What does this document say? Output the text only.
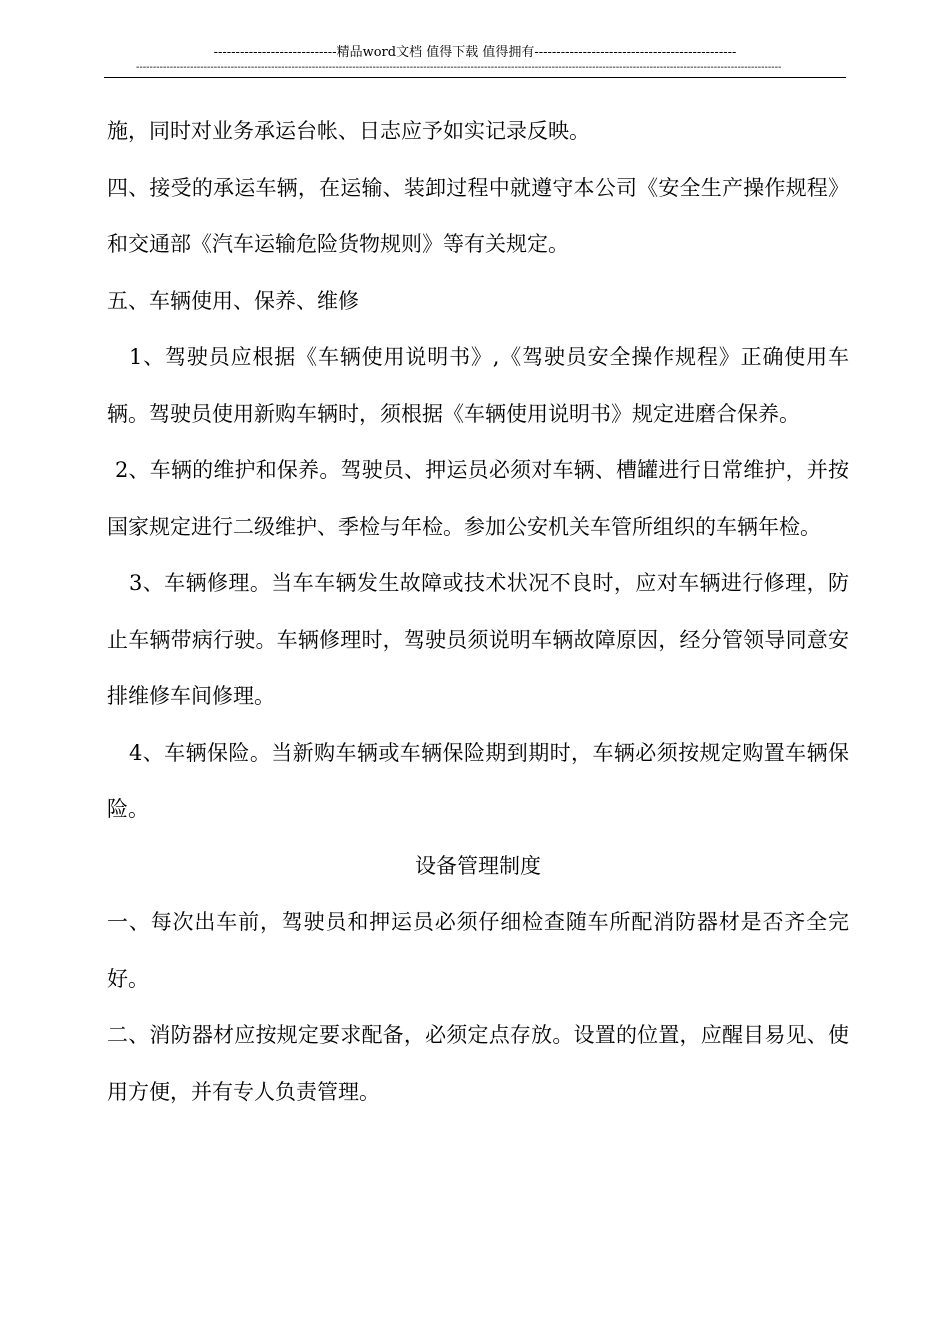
----------------------------精品word文档 值得下载 值得拥有----------------------------------------------
-----------------------------------------------------------------------------------------------------------------------------------------------------------------------------------------------

施，同时对业务承运台帐、日志应予如实记录反映。

四、接受的承运车辆，在运输、装卸过程中就遵守本公司《安全生产操作规程》和交通部《汽车运输危险货物规则》等有关规定。

五、车辆使用、保养、维修

1、驾驶员应根据《车辆使用说明书》,《驾驶员安全操作规程》正确使用车辆。驾驶员使用新购车辆时，须根据《车辆使用说明书》规定进磨合保养。

2、车辆的维护和保养。驾驶员、押运员必须对车辆、槽罐进行日常维护，并按国家规定进行二级维护、季检与年检。参加公安机关车管所组织的车辆年检。

3、车辆修理。当车车辆发生故障或技术状况不良时，应对车辆进行修理，防止车辆带病行驶。车辆修理时，驾驶员须说明车辆故障原因，经分管领导同意安排维修车间修理。

4、车辆保险。当新购车辆或车辆保险期到期时，车辆必须按规定购置车辆保险。

设备管理制度

一、每次出车前，驾驶员和押运员必须仔细检查随车所配消防器材是否齐全完好。

二、消防器材应按规定要求配备，必须定点存放。设置的位置，应醒目易见、使用方便，并有专人负责管理。
